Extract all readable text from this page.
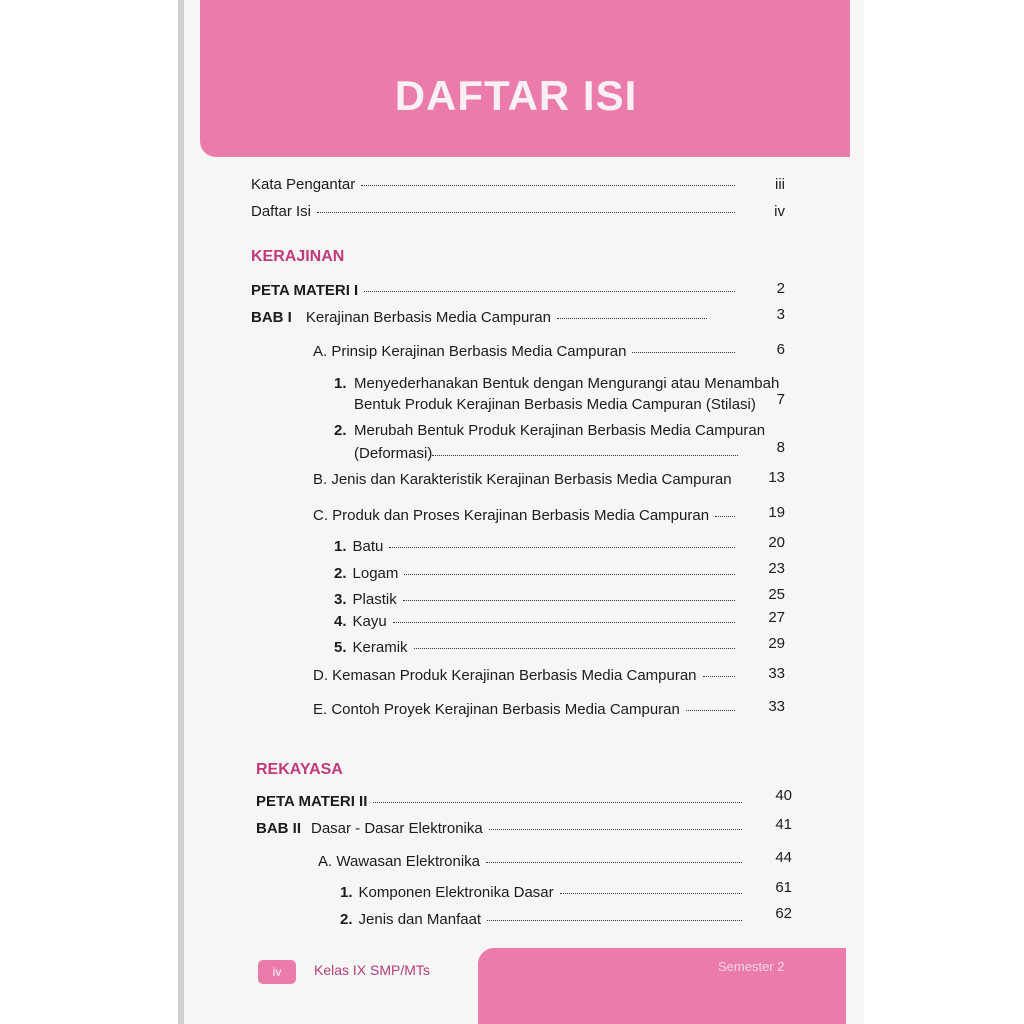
DAFTAR ISI
Kata Pengantar	iii
Daftar Isi	iv
KERAJINAN
PETA MATERI I	2
BAB I Kerajinan Berbasis Media Campuran	3
A. Prinsip Kerajinan Berbasis Media Campuran	6
1. Menyederhanakan Bentuk dengan Mengurangi atau Menambah
Bentuk Produk Kerajinan Berbasis Media Campuran (Stilasi)	7
2. Merubah Bentuk Produk Kerajinan Berbasis Media Campuran
(Deformasi)	8
B. Jenis dan Karakteristik Kerajinan Berbasis Media Campuran	13
C. Produk dan Proses Kerajinan Berbasis Media Campuran	19
1. Batu	20
2. Logam	23
3. Plastik	25
4. Kayu	27
5. Keramik	29
D. Kemasan Produk Kerajinan Berbasis Media Campuran	33
E. Contoh Proyek Kerajinan Berbasis Media Campuran	33
REKAYASA
PETA MATERI II	40
BAB II Dasar - Dasar Elektronika	41
A. Wawasan Elektronika	44
1. Komponen Elektronika Dasar	61
2. Jenis dan Manfaat	62
iv	Kelas IX SMP/MTs	Semester 2
